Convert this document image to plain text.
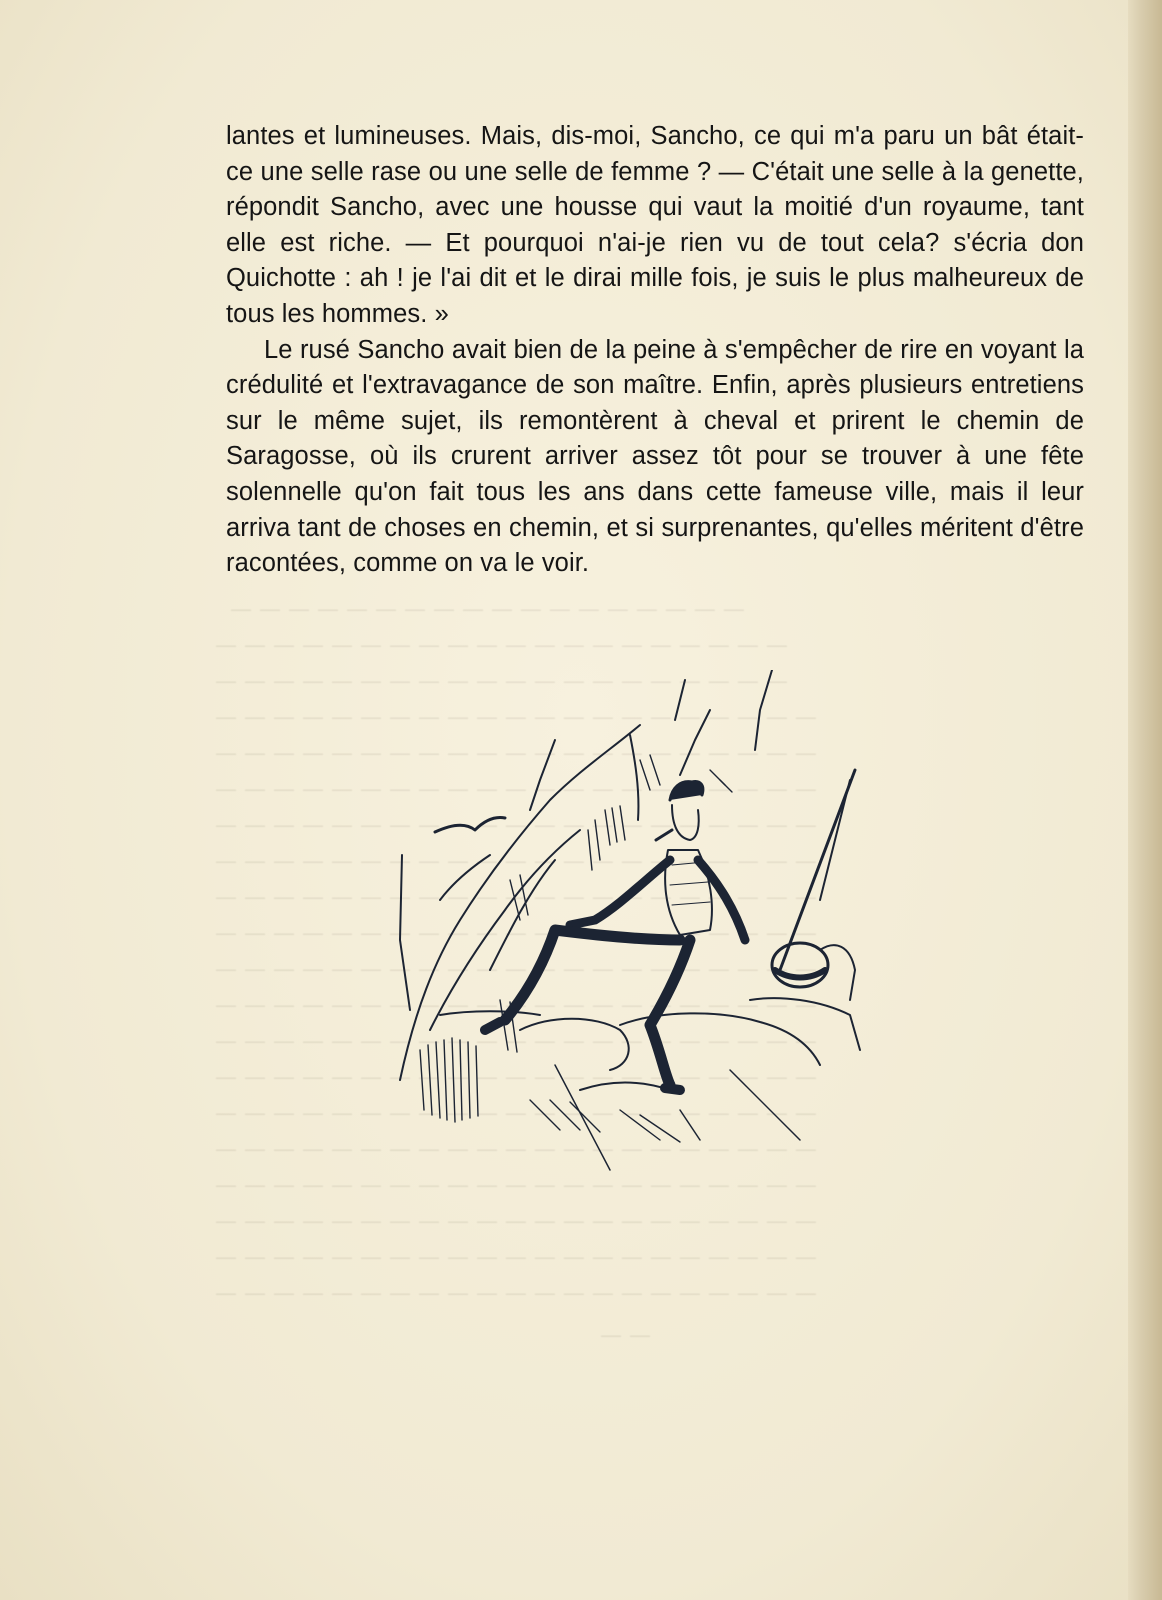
— — — — — — — — — — — — — — — — — —
— — — — — — — — — — — — — — — — — — — —
— — — — — — — — — — — — — — — — — — — —
— — — — — — — — — — — — — — — — — — — — —
— — — — — — — — — — — — — — — — — — — — —
— — — — — — — — — — — — — — — — — — — — —
— — — — — — — — — — — — — — — — — — — — —
— — — — — — — — — — — — — — — — — — — — —
— — — — — — — — — — — — — — — — — — — — —
— — — — — — — — — — — — — — — — — — — — —
— — — — — — — — — — — — — — — — — — — — —
— — — — — — — — — — — — — — — — — — — — —
— — — — — — — — — — — — — — — — — — — — —
— — — — — — — — — — — — — — — — — — — — —
— — — — — — — — — — — — — — — — — — — — —
— — — — — — — — — — — — — — — — — — — — —
— — — — — — — — — — — — — — — — — — — — —
— — — — — — — — — — — — — — — — — — — — —
— — — — — — — — — — — — — — — — — — — — —
— — — — — — — — — — — — — — — — — — — — —
— —

lantes et lumineuses. Mais, dis-moi, Sancho, ce qui m'a paru un bât était-ce une selle rase ou une selle de femme ? — C'était une selle à la genette, répondit Sancho, avec une housse qui vaut la moitié d'un royaume, tant elle est riche. — Et pourquoi n'ai-je rien vu de tout cela? s'écria don Quichotte : ah ! je l'ai dit et le dirai mille fois, je suis le plus malheureux de tous les hommes. »

Le rusé Sancho avait bien de la peine à s'empêcher de rire en voyant la crédulité et l'extravagance de son maître. Enfin, après plusieurs entretiens sur le même sujet, ils remontèrent à cheval et prirent le chemin de Saragosse, où ils crurent arriver assez tôt pour se trouver à une fête solennelle qu'on fait tous les ans dans cette fameuse ville, mais il leur arriva tant de choses en chemin, et si surprenantes, qu'elles méritent d'être racontées, comme on va le voir.
